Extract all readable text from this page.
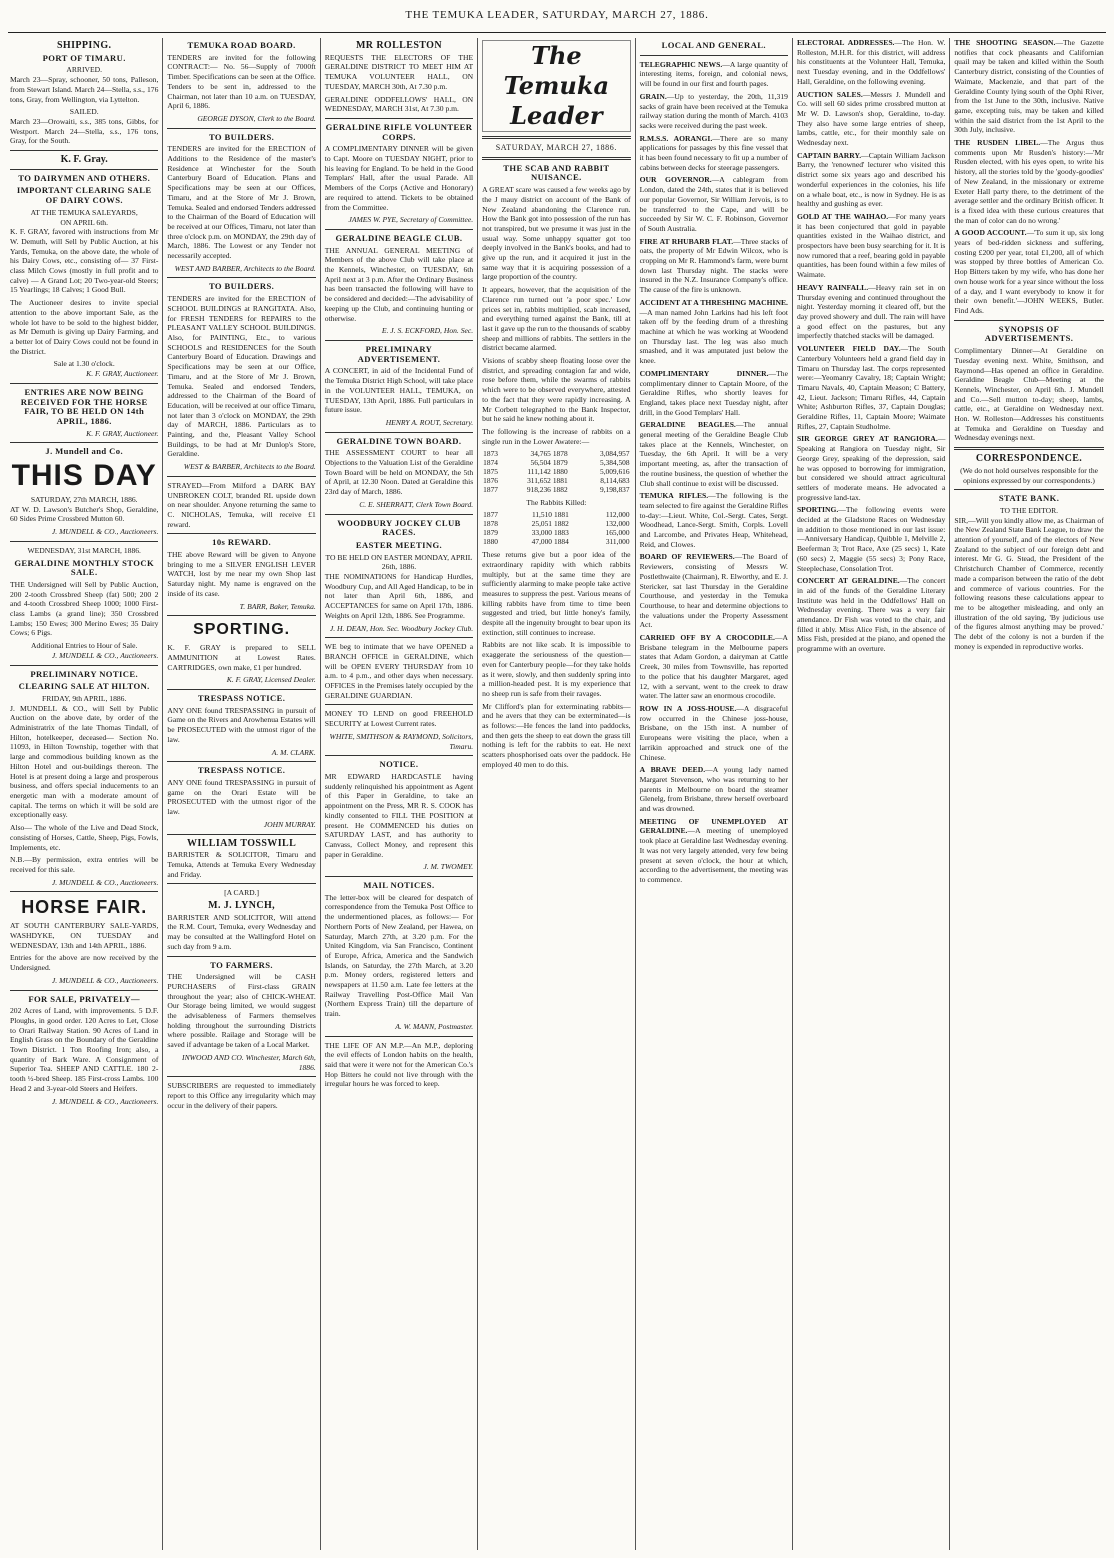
THE TEMUKA LEADER, SATURDAY, MARCH 27, 1886.
SHIPPING.
PORT OF TIMARU.
ARRIVED.
March 23—Spray, schooner, 50 tons, Palleson, from Stewart Island. March 24—Stella, s.s., 176 tons, Gray, from Wellington, via Lyttelton.
SAILED.
March 23—Orowaiti, s.s., 385 tons, Gibbs, for Westport. March 24—Stella, s.s., 176 tons, Gray, for the South.
K. F. Gray.
TO DAIRYMEN AND OTHERS.
IMPORTANT CLEARING SALE OF DAIRY COWS.
AT THE TEMUKA SALEYARDS,
ON APRIL 6th.
K. F. GRAY, favored with instructions from Mr W. Demuth, will Sell by Public Auction, at his Yards, Temuka, on the above date, the whole of his Dairy Cows, etc., consisting of— 37 First-class Milch Cows (mostly in full profit and to calve) — A Grand Lot; 20 Two-year-old Steers; 15 Yearlings; 18 Calves; 1 Good Bull.
The Auctioneer desires to invite special attention to the above important Sale, as the whole lot have to be sold to the highest bidder, as Mr Demuth is giving up Dairy Farming, and a better lot of Dairy Cows could not be found in the District.
Sale at 1.30 o'clock.
K. F. GRAY, Auctioneer.
ENTRIES ARE NOW BEING RECEIVED FOR THE HORSE FAIR, TO BE HELD ON 14th APRIL, 1886.
K. F. GRAY, Auctioneer.
J. Mundell and Co.
THIS DAY
SATURDAY, 27th MARCH, 1886.
AT W. D. Lawson's Butcher's Shop, Geraldine, 60 Sides Prime Crossbred Mutton 60.
J. MUNDELL & CO., Auctioneers.
WEDNESDAY, 31st MARCH, 1886.
GERALDINE MONTHLY STOCK SALE.
THE Undersigned will Sell by Public Auction, 200 2-tooth Crossbred Sheep (fat) 500; 200 2 and 4-tooth Crossbred Sheep 1000; 1000 First-class Lambs (a grand line); 350 Crossbred Lambs; 150 Ewes; 300 Merino Ewes; 35 Dairy Cows; 6 Pigs.
Additional Entries to Hour of Sale.
J. MUNDELL & CO., Auctioneers.
PRELIMINARY NOTICE.
CLEARING SALE AT HILTON.
FRIDAY, 9th APRIL, 1886.
J. MUNDELL & CO., will Sell by Public Auction on the above date, by order of the Administratrix of the late Thomas Tindall, of Hilton, hotelkeeper, deceased— Section No. 11093, in Hilton Township, together with that large and commodious building known as the Hilton Hotel and out-buildings thereon. The Hotel is at present doing a large and prosperous business, and offers special inducements to an energetic man with a moderate amount of capital. The terms on which it will be sold are exceptionally easy.
Also— The whole of the Live and Dead Stock, consisting of Horses, Cattle, Sheep, Pigs, Fowls, Implements, etc.
N.B.—By permission, extra entries will be received for this sale.
J. MUNDELL & CO., Auctioneers.
HORSE FAIR.
AT SOUTH CANTERBURY SALE-YARDS, WASHDYKE, ON TUESDAY and WEDNESDAY, 13th and 14th APRIL, 1886.
Entries for the above are now received by the Undersigned.
J. MUNDELL & CO., Auctioneers.
FOR SALE, PRIVATELY—
202 Acres of Land, with improvements. 5 D.F. Ploughs, in good order. 120 Acres to Let, Close to Orari Railway Station. 90 Acres of Land in English Grass on the Boundary of the Geraldine Town District. 1 Ton Roofing Iron; also, a quantity of Bark Ware. A Consignment of Superior Tea. SHEEP AND CATTLE. 180 2-tooth ½-bred Sheep. 185 First-cross Lambs. 100 Head 2 and 3-year-old Steers and Heifers.
J. MUNDELL & CO., Auctioneers.
TEMUKA ROAD BOARD.
TENDERS are invited for the following CONTRACT:— No. 56—Supply of 7000ft Timber. Specifications can be seen at the Office. Tenders to be sent in, addressed to the Chairman, not later than 10 a.m. on TUESDAY, April 6, 1886.
GEORGE DYSON, Clerk to the Board.
TO BUILDERS.
TENDERS are invited for the ERECTION of Additions to the Residence of the master's Residence at Winchester for the South Canterbury Board of Education. Plans and Specifications may be seen at our Offices, Timaru, and at the Store of Mr J. Brown, Temuka. Sealed and endorsed Tenders addressed to the Chairman of the Board of Education will be received at our Offices, Timaru, not later than three o'clock p.m. on MONDAY, the 29th day of March, 1886. The Lowest or any Tender not necessarily accepted.
WEST AND BARBER, Architects to the Board.
TO BUILDERS.
TENDERS are invited for the ERECTION of SCHOOL BUILDINGS at RANGITATA. Also, for FRESH TENDERS for REPAIRS to the PLEASANT VALLEY SCHOOL BUILDINGS. Also, for PAINTING, Etc., to various SCHOOLS and RESIDENCES for the South Canterbury Board of Education. Drawings and Specifications may be seen at our Office, Timaru, and at the Store of Mr J. Brown, Temuka. Sealed and endorsed Tenders, addressed to the Chairman of the Board of Education, will be received at our office Timaru, not later than 3 o'clock on MONDAY, the 29th day of MARCH, 1886. Particulars as to Painting, and the, Pleasant Valley School Buildings, to be had at Mr Dunlop's Store, Geraldine.
WEST & BARBER, Architects to the Board.
STRAYED—From Milford a DARK BAY UNBROKEN COLT, branded RL upside down on near shoulder. Anyone returning the same to C. NICHOLAS, Temuka, will receive £1 reward.
10s REWARD.
THE above Reward will be given to Anyone bringing to me a SILVER ENGLISH LEVER WATCH, lost by me near my own Shop last Saturday night. My name is engraved on the inside of its case.
T. BARR, Baker, Temuka.
SPORTING.
K. F. GRAY is prepared to SELL AMMUNITION at Lowest Rates. CARTRIDGES, own make, £1 per hundred.
K. F. GRAY, Licensed Dealer.
TRESPASS NOTICE.
ANY ONE found TRESPASSING in pursuit of Game on the Rivers and Arowhenua Estates will be PROSECUTED with the utmost rigor of the law.
A. M. CLARK.
TRESPASS NOTICE.
ANY ONE found TRESPASSING in pursuit of game on the Orari Estate will be PROSECUTED with the utmost rigor of the law.
JOHN MURRAY.
WILLIAM TOSSWILL
BARRISTER & SOLICITOR, Timaru and Temuka, Attends at Temuka Every Wednesday and Friday.
[A CARD.]
M. J. LYNCH,
BARRISTER AND SOLICITOR, Will attend the R.M. Court, Temuka, every Wednesday and may be consulted at the Wallingford Hotel on such day from 9 a.m.
TO FARMERS.
THE Undersigned will be CASH PURCHASERS of First-class GRAIN throughout the year; also of CHICK-WHEAT. Our Storage being limited, we would suggest the advisableness of Farmers themselves holding throughout the surrounding Districts where possible. Railage and Storage will be saved if advantage be taken of a Local Market.
INWOOD AND CO. Winchester, March 6th, 1886.
SUBSCRIBERS are requested to immediately report to this Office any irregularity which may occur in the delivery of their papers.
MR ROLLESTON
REQUESTS THE ELECTORS OF THE GERALDINE DISTRICT TO MEET HIM AT TEMUKA VOLUNTEER HALL, ON TUESDAY, MARCH 30th, At 7.30 p.m.
GERALDINE ODDFELLOWS' HALL, ON WEDNESDAY, MARCH 31st, At 7.30 p.m.
GERALDINE RIFLE VOLUNTEER CORPS.
A COMPLIMENTARY DINNER will be given to Capt. Moore on TUESDAY NIGHT, prior to his leaving for England. To be held in the Good Templars' Hall, after the usual Parade. All Members of the Corps (Active and Honorary) are required to attend. Tickets to be obtained from the Committee.
JAMES W. PYE, Secretary of Committee.
GERALDINE BEAGLE CLUB.
THE ANNUAL GENERAL MEETING of Members of the above Club will take place at the Kennels, Winchester, on TUESDAY, 6th April next at 3 p.m. After the Ordinary Business has been transacted the following will have to be considered and decided:—The advisability of keeping up the Club, and continuing hunting or otherwise.
E. J. S. ECKFORD, Hon. Sec.
PRELIMINARY ADVERTISEMENT.
A CONCERT, in aid of the Incidental Fund of the Temuka District High School, will take place in the VOLUNTEER HALL, TEMUKA, on TUESDAY, 13th April, 1886. Full particulars in future issue.
HENRY A. ROUT, Secretary.
GERALDINE TOWN BOARD.
THE ASSESSMENT COURT to hear all Objections to the Valuation List of the Geraldine Town Board will be held on MONDAY, the 5th of April, at 12.30 Noon. Dated at Geraldine this 23rd day of March, 1886.
C. E. SHERRATT, Clerk Town Board.
WOODBURY JOCKEY CLUB RACES.
EASTER MEETING.
TO BE HELD ON EASTER MONDAY, APRIL 26th, 1886.
THE NOMINATIONS for Handicap Hurdles, Woodbury Cup, and All Aged Handicap, to be in not later than April 6th, 1886, and ACCEPTANCES for same on April 17th, 1886. Weights on April 12th, 1886. See Programme.
J. H. DEAN, Hon. Sec. Woodbury Jockey Club.
WE beg to intimate that we have OPENED a BRANCH OFFICE in GERALDINE, which will be OPEN EVERY THURSDAY from 10 a.m. to 4 p.m., and other days when necessary. OFFICES in the Premises lately occupied by the GERALDINE GUARDIAN.
MONEY TO LEND on good FREEHOLD SECURITY at Lowest Current rates.
WHITE, SMITHSON & RAYMOND, Solicitors, Timaru.
NOTICE.
MR EDWARD HARDCASTLE having suddenly relinquished his appointment as Agent of this Paper in Geraldine, to take an appointment on the Press, MR R. S. COOK has kindly consented to FILL THE POSITION at present. He COMMENCED his duties on SATURDAY LAST, and has authority to Canvass, Collect Money, and represent this paper in Geraldine.
J. M. TWOMEY.
MAIL NOTICES.
The letter-box will be cleared for despatch of correspondence from the Temuka Post Office to the undermentioned places, as follows:— For Northern Ports of New Zealand, per Hawea, on Saturday, March 27th, at 3.20 p.m. For the United Kingdom, via San Francisco, Continent of Europe, Africa, America and the Sandwich Islands, on Saturday, the 27th March, at 3.20 p.m. Money orders, registered letters and newspapers at 11.50 a.m. Late fee letters at the Railway Travelling Post-Office Mail Van (Northern Express Train) till the departure of train.
A. W. MANN, Postmaster.
THE LIFE OF AN M.P.—An M.P., deploring the evil effects of London habits on the health, said that were it were not for the American Co.'s Hop Bitters he could not live through with the irregular hours he was forced to keep.
The Temuka Leader
SATURDAY, MARCH 27, 1886.
THE SCAB AND RABBIT NUISANCE.
A GREAT scare was caused a few weeks ago by the J mauy district on account of the Bank of New Zealand abandoning the Clarence run. How the Bank got into possession of the run has not transpired, but we presume it was just in the usual way. Some unhappy squatter got too deeply involved in the Bank's books, and had to give up the run, and it acquired it just in the same way that it is acquiring possession of a large proportion of the country.
It appears, however, that the acquisition of the Clarence run turned out 'a poor spec.' Low prices set in, rabbits multiplied, scab increased, and everything turned against the Bank, till at last it gave up the run to the thousands of scabby sheep and millions of rabbits. The settlers in the district became alarmed.
Visions of scabby sheep floating loose over the district, and spreading contagion far and wide, rose before them, while the swarms of rabbits which were to be observed everywhere, attested to the fact that they were rapidly increasing. A Mr Corbett telegraphed to the Bank Inspector, but he said he knew nothing about it.
The following is the increase of rabbits on a single run in the Lower Awatere:—
1873	34,765	1878	3,084,957
1874	56,504	1879	5,384,508
1875	111,142	1880	5,009,616
1876	311,652	1881	8,114,683
1877	918,236	1882	9,198,837
The Rabbits Killed:
1877	11,510	1881	112,000
1878	25,051	1882	132,000
1879	33,000	1883	165,000
1880	47,000	1884	311,000
These returns give but a poor idea of the extraordinary rapidity with which rabbits multiply, but at the same time they are sufficiently alarming to make people take active measures to suppress the pest. Various means of killing rabbits have from time to time been suggested and tried, but little honey's family, despite all the ingenuity brought to bear upon its extinction, still continues to increase.
Rabbits are not like scab. It is impossible to exaggerate the seriousness of the question—even for Canterbury people—for they take holds as it were, slowly, and then suddenly spring into a million-headed pest. It is my experience that no sheep run is safe from their ravages.
Mr Clifford's plan for exterminating rabbits—and he avers that they can be exterminated—is as follows:—He fences the land into paddocks, and then gets the sheep to eat down the grass till nothing is left for the rabbits to eat. He next scatters phosphorised oats over the paddock. He employed 40 men to do this.
LOCAL AND GENERAL.
TELEGRAPHIC NEWS.—A large quantity of interesting items, foreign, and colonial news, will be found in our first and fourth pages.
GRAIN.—Up to yesterday, the 20th, 11,319 sacks of grain have been received at the Temuka railway station during the month of March. 4103 sacks were received during the past week.
R.M.S.S. AORANGI.—There are so many applications for passages by this fine vessel that it has been found necessary to fit up a number of cabins between decks for steerage passengers.
OUR GOVERNOR.—A cablegram from London, dated the 24th, states that it is believed our popular Governor, Sir William Jervois, is to be transferred to the Cape, and will be succeeded by Sir W. C. F. Robinson, Governor of South Australia.
FIRE AT RHUBARB FLAT.—Three stacks of oats, the property of Mr Edwin Wilcox, who is cropping on Mr R. Hammond's farm, were burnt down last Thursday night. The stacks were insured in the N.Z. Insurance Company's office. The cause of the fire is unknown.
ACCIDENT AT A THRESHING MACHINE.—A man named John Larkins had his left foot taken off by the feeding drum of a threshing machine at which he was working at Woodend on Thursday last. The leg was also much smashed, and it was amputated just below the knee.
COMPLIMENTARY DINNER.—The complimentary dinner to Captain Moore, of the Geraldine Rifles, who shortly leaves for England, takes place next Tuesday night, after drill, in the Good Templars' Hall.
GERALDINE BEAGLES.—The annual general meeting of the Geraldine Beagle Club takes place at the Kennels, Winchester, on Tuesday, the 6th April. It will be a very important meeting, as, after the transaction of the routine business, the question of whether the Club shall continue to exist will be discussed.
TEMUKA RIFLES.—The following is the team selected to fire against the Geraldine Rifles to-day:—Lieut. White, Col.-Sergt. Cates, Sergt. Woodhead, Lance-Sergt. Smith, Corpls. Lovell and Larcombe, and Privates Heap, Whitehead, Reid, and Clowes.
BOARD OF REVIEWERS.—The Board of Reviewers, consisting of Messrs W. Postlethwaite (Chairman), R. Elworthy, and E. J. Stericker, sat last Thursday in the Geraldine Courthouse, and yesterday in the Temuka Courthouse, to hear and determine objections to the valuations under the Property Assessment Act.
CARRIED OFF BY A CROCODILE.—A Brisbane telegram in the Melbourne papers states that Adam Gordon, a dairyman at Cattle Creek, 30 miles from Townsville, has reported to the police that his daughter Margaret, aged 12, with a servant, went to the creek to draw water. The latter saw an enormous crocodile.
ROW IN A JOSS-HOUSE.—A disgraceful row occurred in the Chinese joss-house, Brisbane, on the 15th inst. A number of Europeans were visiting the place, when a larrikin approached and struck one of the Chinese.
A BRAVE DEED.—A young lady named Margaret Stevenson, who was returning to her parents in Melbourne on board the steamer Glenelg, from Brisbane, threw herself overboard and was drowned.
MEETING OF UNEMPLOYED AT GERALDINE.—A meeting of unemployed took place at Geraldine last Wednesday evening. It was not very largely attended, very few being present at seven o'clock, the hour at which, according to the advertisement, the meeting was to commence.
ELECTORAL ADDRESSES.—The Hon. W. Rolleston, M.H.R. for this district, will address his constituents at the Volunteer Hall, Temuka, next Tuesday evening, and in the Oddfellows' Hall, Geraldine, on the following evening.
AUCTION SALES.—Messrs J. Mundell and Co. will sell 60 sides prime crossbred mutton at Mr W. D. Lawson's shop, Geraldine, to-day. They also have some large entries of sheep, lambs, cattle, etc., for their monthly sale on Wednesday next.
CAPTAIN BARRY.—Captain William Jackson Barry, the 'renowned' lecturer who visited this district some six years ago and described his wonderful experiences in the colonies, his life on a whale boat, etc., is now in Sydney. He is as healthy and gushing as ever.
GOLD AT THE WAIHAO.—For many years it has been conjectured that gold in payable quantities existed in the Waihao district, and prospectors have been busy searching for it. It is now rumored that a reef, bearing gold in payable quantities, has been found within a few miles of Waimate.
HEAVY RAINFALL.—Heavy rain set in on Thursday evening and continued throughout the night. Yesterday morning it cleared off, but the day proved showery and dull. The rain will have a good effect on the pastures, but any imperfectly thatched stacks will be damaged.
VOLUNTEER FIELD DAY.—The South Canterbury Volunteers held a grand field day in Timaru on Thursday last. The corps represented were:—Yeomanry Cavalry, 18; Captain Wright; Timaru Navals, 40, Captain Meason; C Battery, 42, Lieut. Jackson; Timaru Rifles, 44, Captain White; Ashburton Rifles, 37, Captain Douglas; Geraldine Rifles, 11, Captain Moore; Waimate Rifles, 27, Captain Studholme.
SIR GEORGE GREY AT RANGIORA.—Speaking at Rangiora on Tuesday night, Sir George Grey, speaking of the depression, said he was opposed to borrowing for immigration, but considered we should attract agricultural settlers of moderate means. He advocated a progressive land-tax.
SPORTING.—The following events were decided at the Gladstone Races on Wednesday in addition to those mentioned in our last issue:—Anniversary Handicap, Quibble 1, Melville 2, Beeferman 3; Trot Race, Axe (25 secs) 1, Kate (60 secs) 2, Maggie (55 secs) 3; Pony Race, Steeplechase, Consolation Trot.
CONCERT AT GERALDINE.—The concert in aid of the funds of the Geraldine Literary Institute was held in the Oddfellows' Hall on Wednesday evening. There was a very fair attendance. Dr Fish was voted to the chair, and filled it ably. Miss Alice Fish, in the absence of Miss Fish, presided at the piano, and opened the programme with an overture.
THE SHOOTING SEASON.—The Gazette notifies that cock pheasants and Californian quail may be taken and killed within the South Canterbury district, consisting of the Counties of Waimate, Mackenzie, and that part of the Geraldine County lying south of the Ophi River, from the 1st June to the 30th, inclusive. Native game, excepting tuis, may be taken and killed within the said district from the 1st April to the 30th July, inclusive.
THE RUSDEN LIBEL.—The Argus thus comments upon Mr Rusden's history:—'Mr Rusden elected, with his eyes open, to write his history, all the stories told by the 'goody-goodies' of New Zealand, in the missionary or extreme Exeter Hall party there, to the detriment of the average settler and the ordinary British officer. It is a fixed idea with these curious creatures that the man of color can do no wrong.'
A GOOD ACCOUNT.—'To sum it up, six long years of bed-ridden sickness and suffering, costing £200 per year, total £1,200, all of which was stopped by three bottles of American Co. Hop Bitters taken by my wife, who has done her own house work for a year since without the loss of a day, and I want everybody to know it for their own benefit.'—JOHN WEEKS, Butler. Find Ads.
SYNOPSIS OF ADVERTISEMENTS.
Complimentary Dinner—At Geraldine on Tuesday evening next. White, Smithson, and Raymond—Has opened an office in Geraldine. Geraldine Beagle Club—Meeting at the Kennels, Winchester, on April 6th. J. Mundell and Co.—Sell mutton to-day; sheep, lambs, cattle, etc., at Geraldine on Wednesday next. Hon. W. Rolleston—Addresses his constituents at Temuka and Geraldine on Tuesday and Wednesday evenings next.
CORRESPONDENCE.
(We do not hold ourselves responsible for the opinions expressed by our correspondents.)
STATE BANK.
TO THE EDITOR.
SIR,—Will you kindly allow me, as Chairman of the New Zealand State Bank League, to draw the attention of yourself, and of the electors of New Zealand to the subject of our foreign debt and interest. Mr G. G. Stead, the President of the Christchurch Chamber of Commerce, recently made a comparison between the ratio of the debt and commerce of various countries. For the following reasons these calculations appear to me to be altogether misleading, and only an illustration of the old saying, 'By judicious use of the figures almost anything may be proved.' The debt of the colony is not a burden if the money is expended in reproductive works.
